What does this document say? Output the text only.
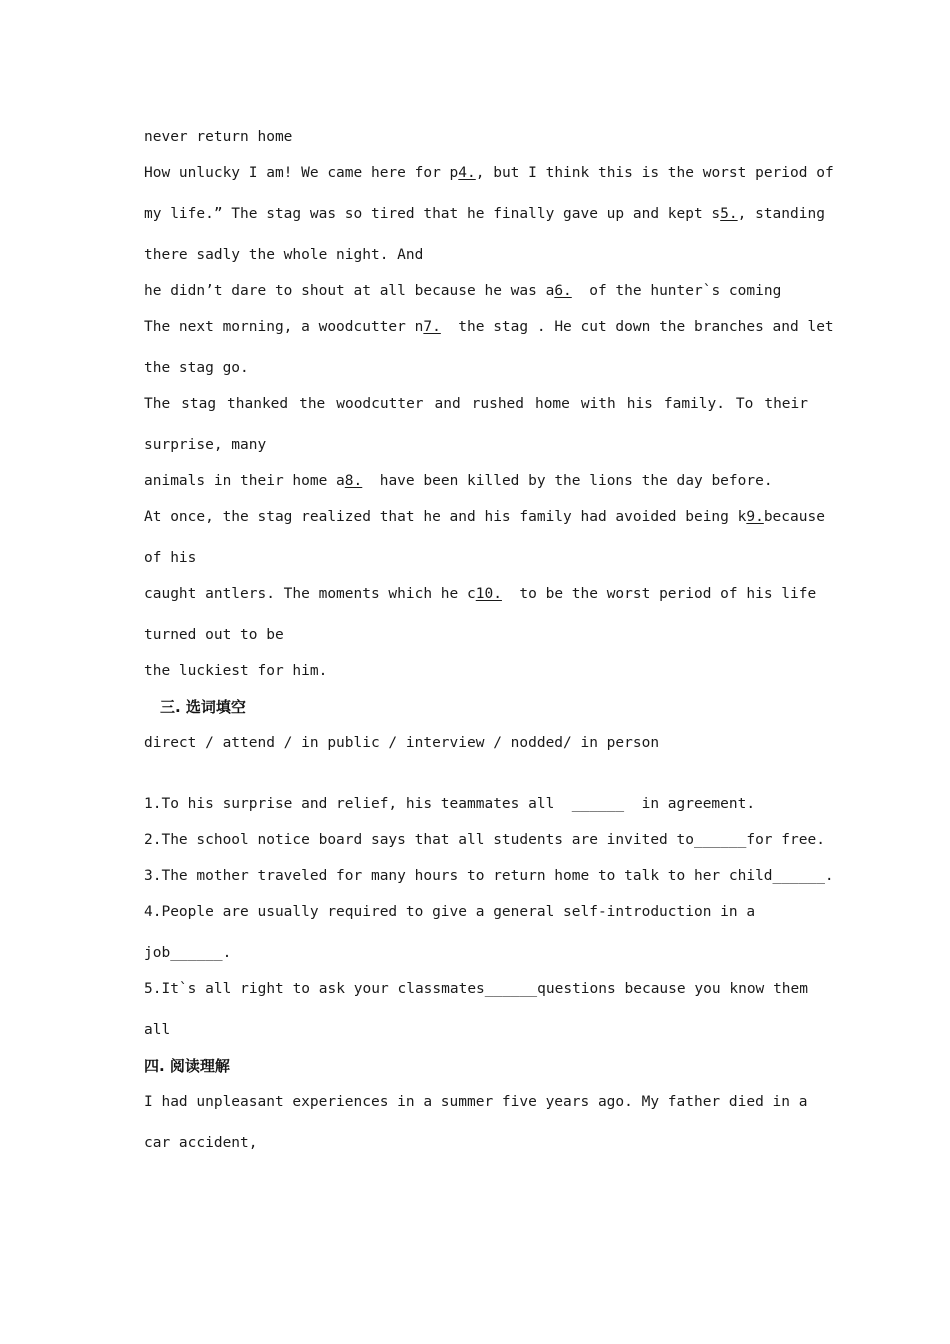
never return home

How unlucky I am! We came here for p4., but I think this is the worst period of

my life.” The stag was so tired that he finally gave up and kept s5., standing

there sadly the whole night. And

he didn’t dare to shout at all because he was a6.  of the hunter`s coming

The next morning, a woodcutter n7.  the stag . He cut down the branches and let

the stag go.

The stag thanked the woodcutter and rushed home with his family. To their

surprise, many

animals in their home a8.  have been killed by the lions the day before.

At once, the stag realized that he and his family had avoided being k9.because

of his

caught antlers. The moments which he c10.  to be the worst period of his life

turned out to be

the luckiest for him.

三. 选词填空

direct / attend / in public / interview / nodded/ in person

1.To his surprise and relief, his teammates all  ______  in agreement.

2.The school notice board says that all students are invited to______for free.

3.The mother traveled for many hours to return home to talk to her child______.

4.People are usually required to give a general self-introduction in a

job______.

5.It`s all right to ask your classmates______questions because you know them

all

四. 阅读理解

I had unpleasant experiences in a summer five years ago. My father died in a

car accident,
